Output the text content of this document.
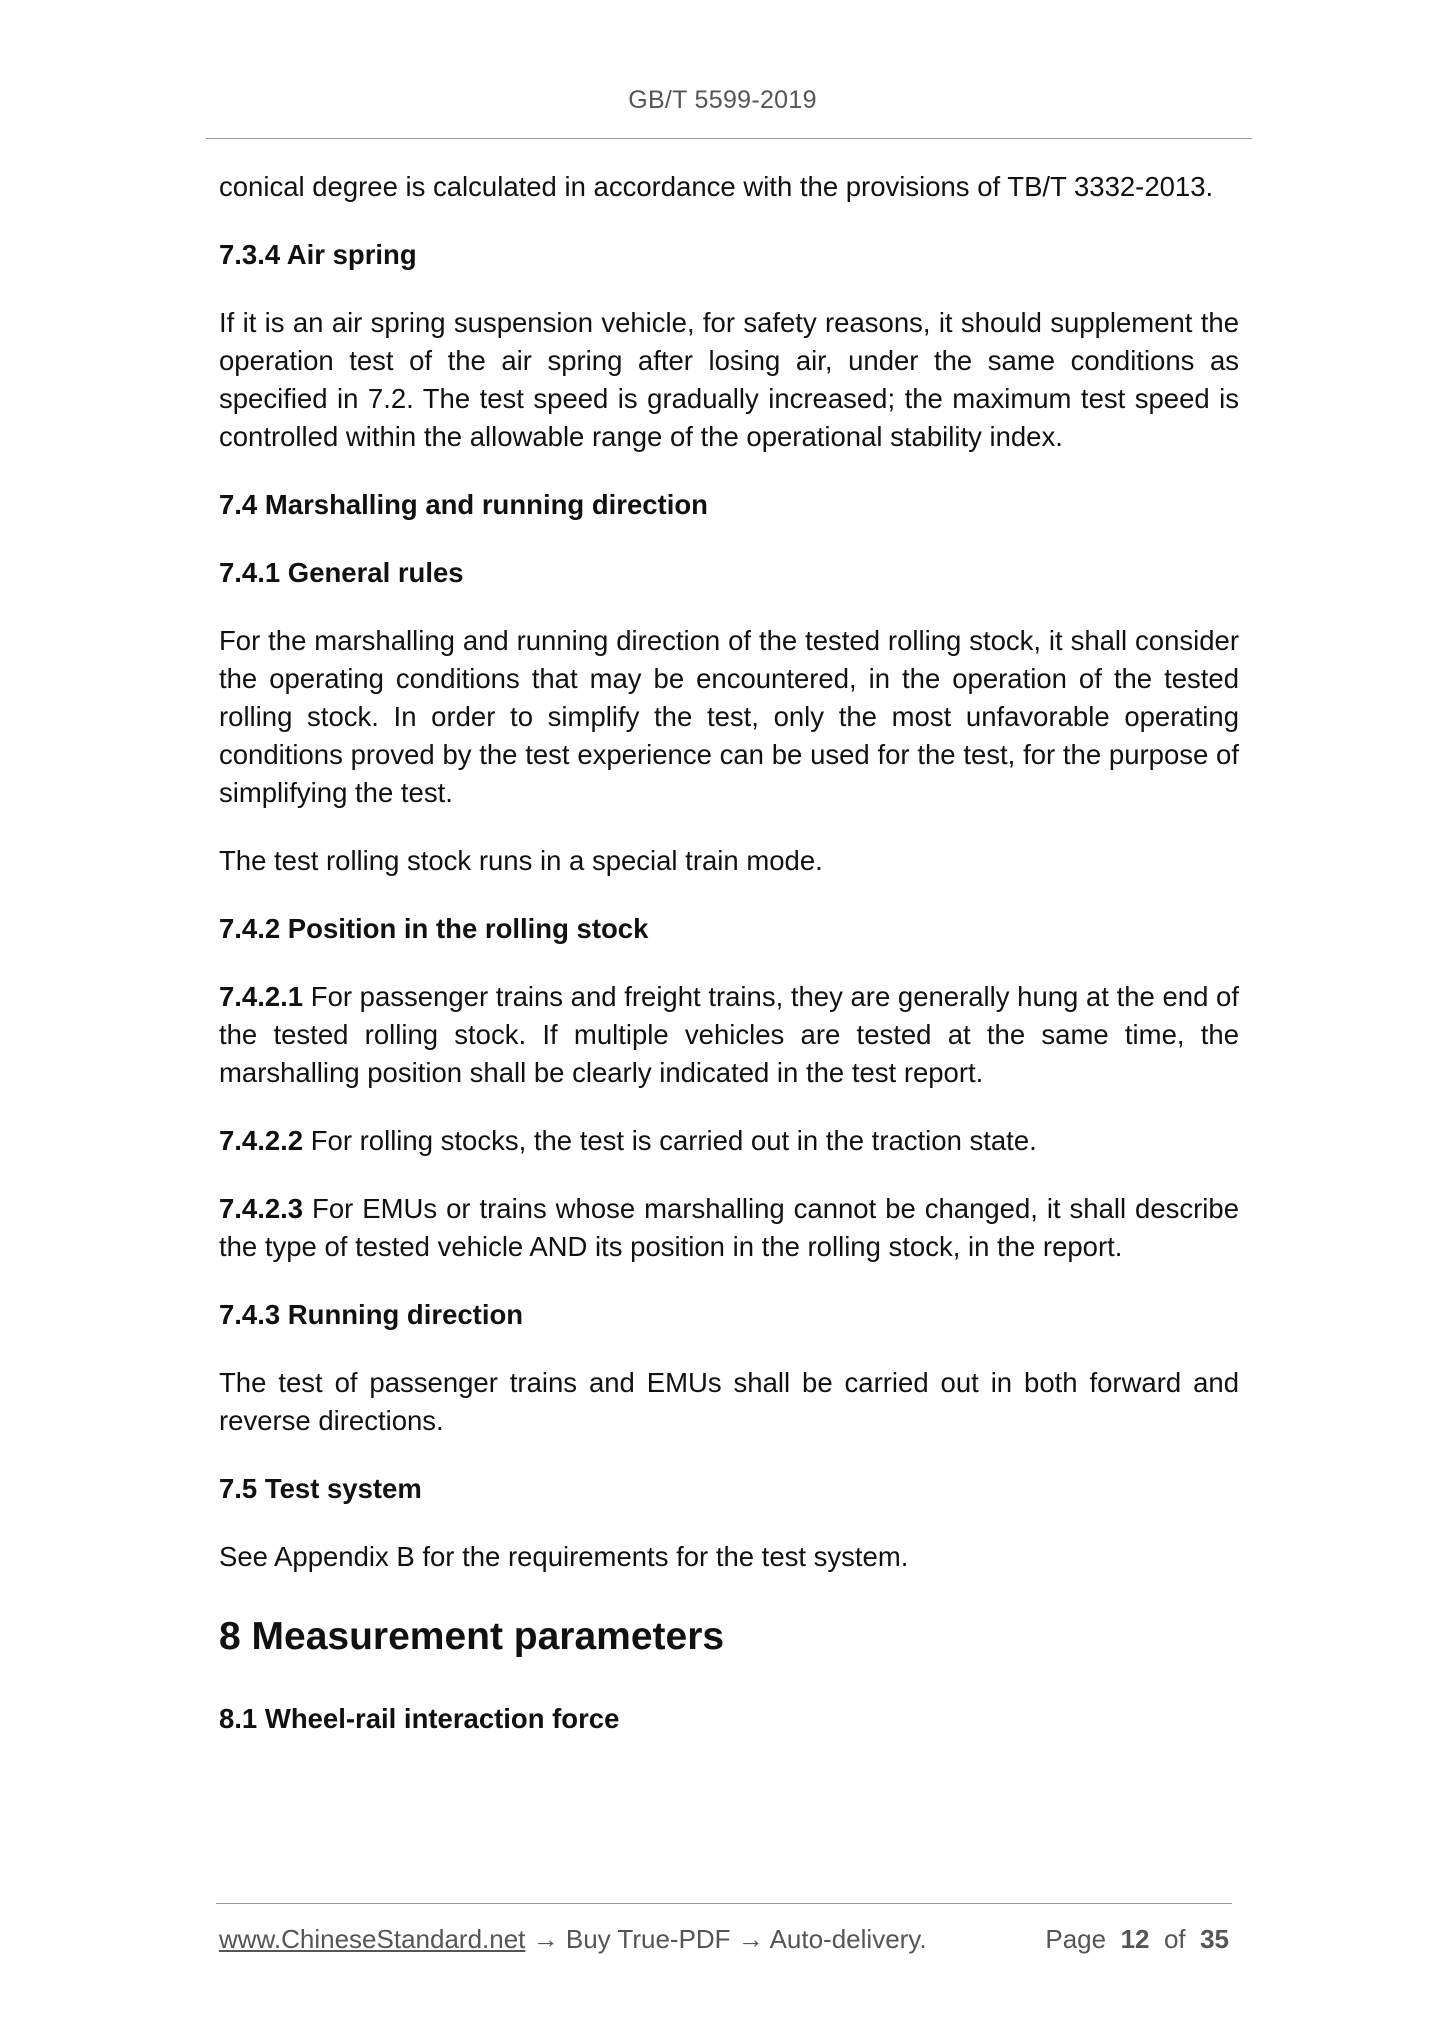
GB/T 5599-2019

conical degree is calculated in accordance with the provisions of TB/T 3332-2013.

7.3.4 Air spring

If it is an air spring suspension vehicle, for safety reasons, it should supplement the operation test of the air spring after losing air, under the same conditions as specified in 7.2. The test speed is gradually increased; the maximum test speed is controlled within the allowable range of the operational stability index.

7.4 Marshalling and running direction
7.4.1 General rules

For the marshalling and running direction of the tested rolling stock, it shall consider the operating conditions that may be encountered, in the operation of the tested rolling stock. In order to simplify the test, only the most unfavorable operating conditions proved by the test experience can be used for the test, for the purpose of simplifying the test.

The test rolling stock runs in a special train mode.

7.4.2 Position in the rolling stock

7.4.2.1 For passenger trains and freight trains, they are generally hung at the end of the tested rolling stock. If multiple vehicles are tested at the same time, the marshalling position shall be clearly indicated in the test report.

7.4.2.2 For rolling stocks, the test is carried out in the traction state.

7.4.2.3 For EMUs or trains whose marshalling cannot be changed, it shall describe the type of tested vehicle AND its position in the rolling stock, in the report.

7.4.3 Running direction

The test of passenger trains and EMUs shall be carried out in both forward and reverse directions.

7.5 Test system

See Appendix B for the requirements for the test system.

8 Measurement parameters
8.1 Wheel-rail interaction force
www.ChineseStandard.net → Buy True-PDF → Auto-delivery.	Page 12 of 35
